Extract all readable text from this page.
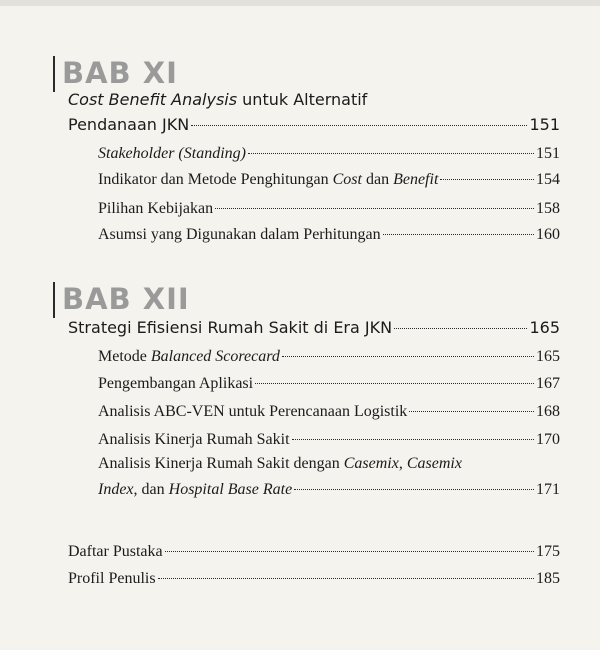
BAB XI
Cost Benefit Analysis untuk Alternatif
Pendanaan JKN	151
Stakeholder (Standing)	151
Indikator dan Metode Penghitungan Cost dan Benefit	154
Pilihan Kebijakan	158
Asumsi yang Digunakan dalam Perhitungan	160
BAB XII
Strategi Efisiensi Rumah Sakit di Era JKN	165
Metode Balanced Scorecard	165
Pengembangan Aplikasi	167
Analisis ABC-VEN untuk Perencanaan Logistik	168
Analisis Kinerja Rumah Sakit	170
Analisis Kinerja Rumah Sakit dengan Casemix, Casemix
Index, dan Hospital Base Rate	171
Daftar Pustaka	175
Profil Penulis	185
